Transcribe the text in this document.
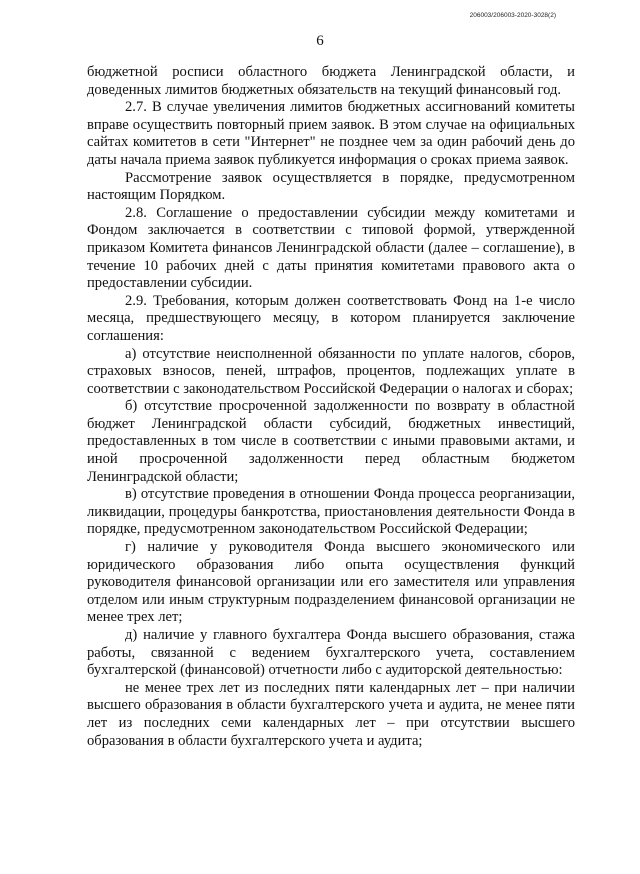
206003/206003-2020-3028(2)
6

бюджетной росписи областного бюджета Ленинградской области, и доведенных лимитов бюджетных обязательств на текущий финансовый год.

2.7. В случае увеличения лимитов бюджетных ассигнований комитеты вправе осуществить повторный прием заявок. В этом случае на официальных сайтах комитетов в сети "Интернет" не позднее чем за один рабочий день до даты начала приема заявок публикуется информация о сроках приема заявок.

Рассмотрение заявок осуществляется в порядке, предусмотренном настоящим Порядком.

2.8. Соглашение о предоставлении субсидии между комитетами и Фондом заключается в соответствии с типовой формой, утвержденной приказом Комитета финансов Ленинградской области (далее – соглашение), в течение 10 рабочих дней с даты принятия комитетами правового акта о предоставлении субсидии.

2.9. Требования, которым должен соответствовать Фонд на 1-е число месяца, предшествующего месяцу, в котором планируется заключение соглашения:

а) отсутствие неисполненной обязанности по уплате налогов, сборов, страховых взносов, пеней, штрафов, процентов, подлежащих уплате в соответствии с законодательством Российской Федерации о налогах и сборах;

б) отсутствие просроченной задолженности по возврату в областной бюджет Ленинградской области субсидий, бюджетных инвестиций, предоставленных в том числе в соответствии с иными правовыми актами, и иной просроченной задолженности перед областным бюджетом Ленинградской области;

в) отсутствие проведения в отношении Фонда процесса реорганизации, ликвидации, процедуры банкротства, приостановления деятельности Фонда в порядке, предусмотренном законодательством Российской Федерации;

г) наличие у руководителя Фонда высшего экономического или юридического образования либо опыта осуществления функций руководителя финансовой организации или его заместителя или управления отделом или иным структурным подразделением финансовой организации не менее трех лет;

д) наличие у главного бухгалтера Фонда высшего образования, стажа работы, связанной с ведением бухгалтерского учета, составлением бухгалтерской (финансовой) отчетности либо с аудиторской деятельностью:

не менее трех лет из последних пяти календарных лет – при наличии высшего образования в области бухгалтерского учета и аудита, не менее пяти лет из последних семи календарных лет – при отсутствии высшего образования в области бухгалтерского учета и аудита;
